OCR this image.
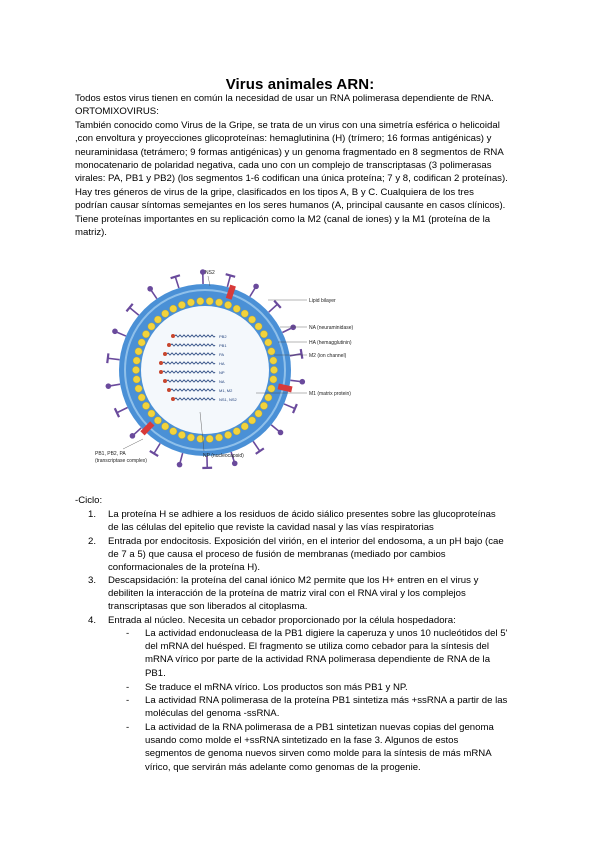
Virus animales ARN:
Todos estos virus tienen en común la necesidad de usar un RNA polimerasa dependiente de RNA.
ORTOMIXOVIRUS:
También conocido como Virus de la Gripe, se trata de un virus con una simetría esférica o helicoidal
,con envoltura y proyecciones glicoproteínas: hemaglutinina (H) (trímero; 16 formas antigénicas) y
neuraminidasa (tetrámero; 9 formas antigénicas) y un genoma fragmentado en 8 segmentos de RNA
monocatenario de polaridad negativa, cada uno con un complejo de transcriptasas (3 polimerasas
virales: PA, PB1 y PB2) (los segmentos 1-6 codifican una única proteína; 7 y 8, codifican 2 proteínas).
Hay tres géneros de virus de la gripe, clasificados en los tipos A, B y C. Cualquiera de los tres
podrían causar síntomas semejantes en los seres humanos (A, principal causante en casos clínicos).
Tiene proteínas importantes en su replicación como la M2 (canal de iones) y la M1 (proteína de la
matriz).
PB2
PB1
PA
HA
NP
NA
M1, M2
NS1, NS2
NS2
Lipid bilayer
NA (neuraminidase)
HA (hemagglutinin)
M2 (ion channel)
M1 (matrix protein)
PB1, PB2, PA
(transcriptase complex)
NP (nucleocapsid)
-Ciclo:
1. La proteína H se adhiere a los residuos de ácido siálico presentes sobre las glucoproteínas
de las células del epitelio que reviste la cavidad nasal y las vías respiratorias
2. Entrada por endocitosis. Exposición del virión, en el interior del endosoma, a un pH bajo (cae
de 7 a 5) que causa el proceso de fusión de membranas (mediado por cambios
conformacionales de la proteína H).
3. Descapsidación: la proteína del canal iónico M2 permite que los H+ entren en el virus y
debiliten la interacción de la proteína de matriz viral con el RNA viral y los complejos
transcriptasas que son liberados al citoplasma.
4. Entrada al núcleo. Necesita un cebador proporcionado por la célula hospedadora:
- La actividad endonucleasa de la PB1 digiere la caperuza y unos 10 nucleótidos del 5'
del mRNA del huésped. El fragmento se utiliza como cebador para la síntesis del
mRNA vírico por parte de la actividad RNA polimerasa dependiente de RNA de la
PB1.
- Se traduce el mRNA vírico. Los productos son más PB1 y NP.
- La actividad RNA polimerasa de la proteína PB1 sintetiza más +ssRNA a partir de las
moléculas del genoma -ssRNA.
- La actividad de la RNA polimerasa de a PB1 sintetizan nuevas copias del genoma
usando como molde el +ssRNA sintetizado en la fase 3. Algunos de estos
segmentos de genoma nuevos sirven como molde para la síntesis de más mRNA
vírico, que servirán más adelante como genomas de la progenie.
